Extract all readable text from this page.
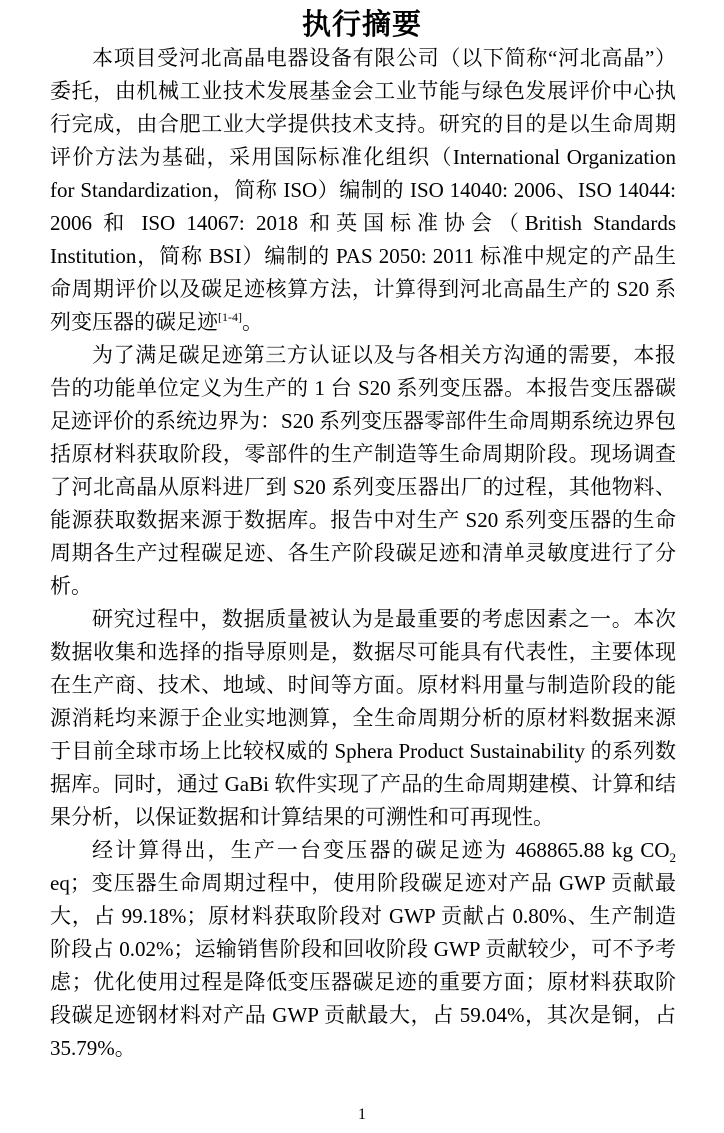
执行摘要

本项目受河北高晶电器设备有限公司（以下简称“河北高晶”）委托，由机械工业技术发展基金会工业节能与绿色发展评价中心执行完成，由合肥工业大学提供技术支持。研究的目的是以生命周期评价方法为基础，采用国际标准化组织（International Organization for Standardization，简称 ISO）编制的 ISO 14040: 2006、ISO 14044: 2006 和 ISO 14067: 2018 和英国标准协会（British Standards Institution，简称 BSI）编制的 PAS 2050: 2011 标准中规定的产品生命周期评价以及碳足迹核算方法，计算得到河北高晶生产的 S20 系列变压器的碳足迹[1-4]。

为了满足碳足迹第三方认证以及与各相关方沟通的需要，本报告的功能单位定义为生产的 1 台 S20 系列变压器。本报告变压器碳足迹评价的系统边界为：S20 系列变压器零部件生命周期系统边界包括原材料获取阶段，零部件的生产制造等生命周期阶段。现场调查了河北高晶从原料进厂到 S20 系列变压器出厂的过程，其他物料、能源获取数据来源于数据库。报告中对生产 S20 系列变压器的生命周期各生产过程碳足迹、各生产阶段碳足迹和清单灵敏度进行了分析。

研究过程中，数据质量被认为是最重要的考虑因素之一。本次数据收集和选择的指导原则是，数据尽可能具有代表性，主要体现在生产商、技术、地域、时间等方面。原材料用量与制造阶段的能源消耗均来源于企业实地测算，全生命周期分析的原材料数据来源于目前全球市场上比较权威的 Sphera Product Sustainability 的系列数据库。同时，通过 GaBi 软件实现了产品的生命周期建模、计算和结果分析，以保证数据和计算结果的可溯性和可再现性。

经计算得出，生产一台变压器的碳足迹为 468865.88 kg $CO_2$ eq；变压器生命周期过程中，使用阶段碳足迹对产品 GWP 贡献最大，占 99.18%；原材料获取阶段对 GWP 贡献占 0.80%、生产制造阶段占 0.02%；运输销售阶段和回收阶段 GWP 贡献较少，可不予考虑；优化使用过程是降低变压器碳足迹的重要方面；原材料获取阶段碳足迹钢材料对产品 GWP 贡献最大，占 59.04%，其次是铜，占 35.79%。

1
